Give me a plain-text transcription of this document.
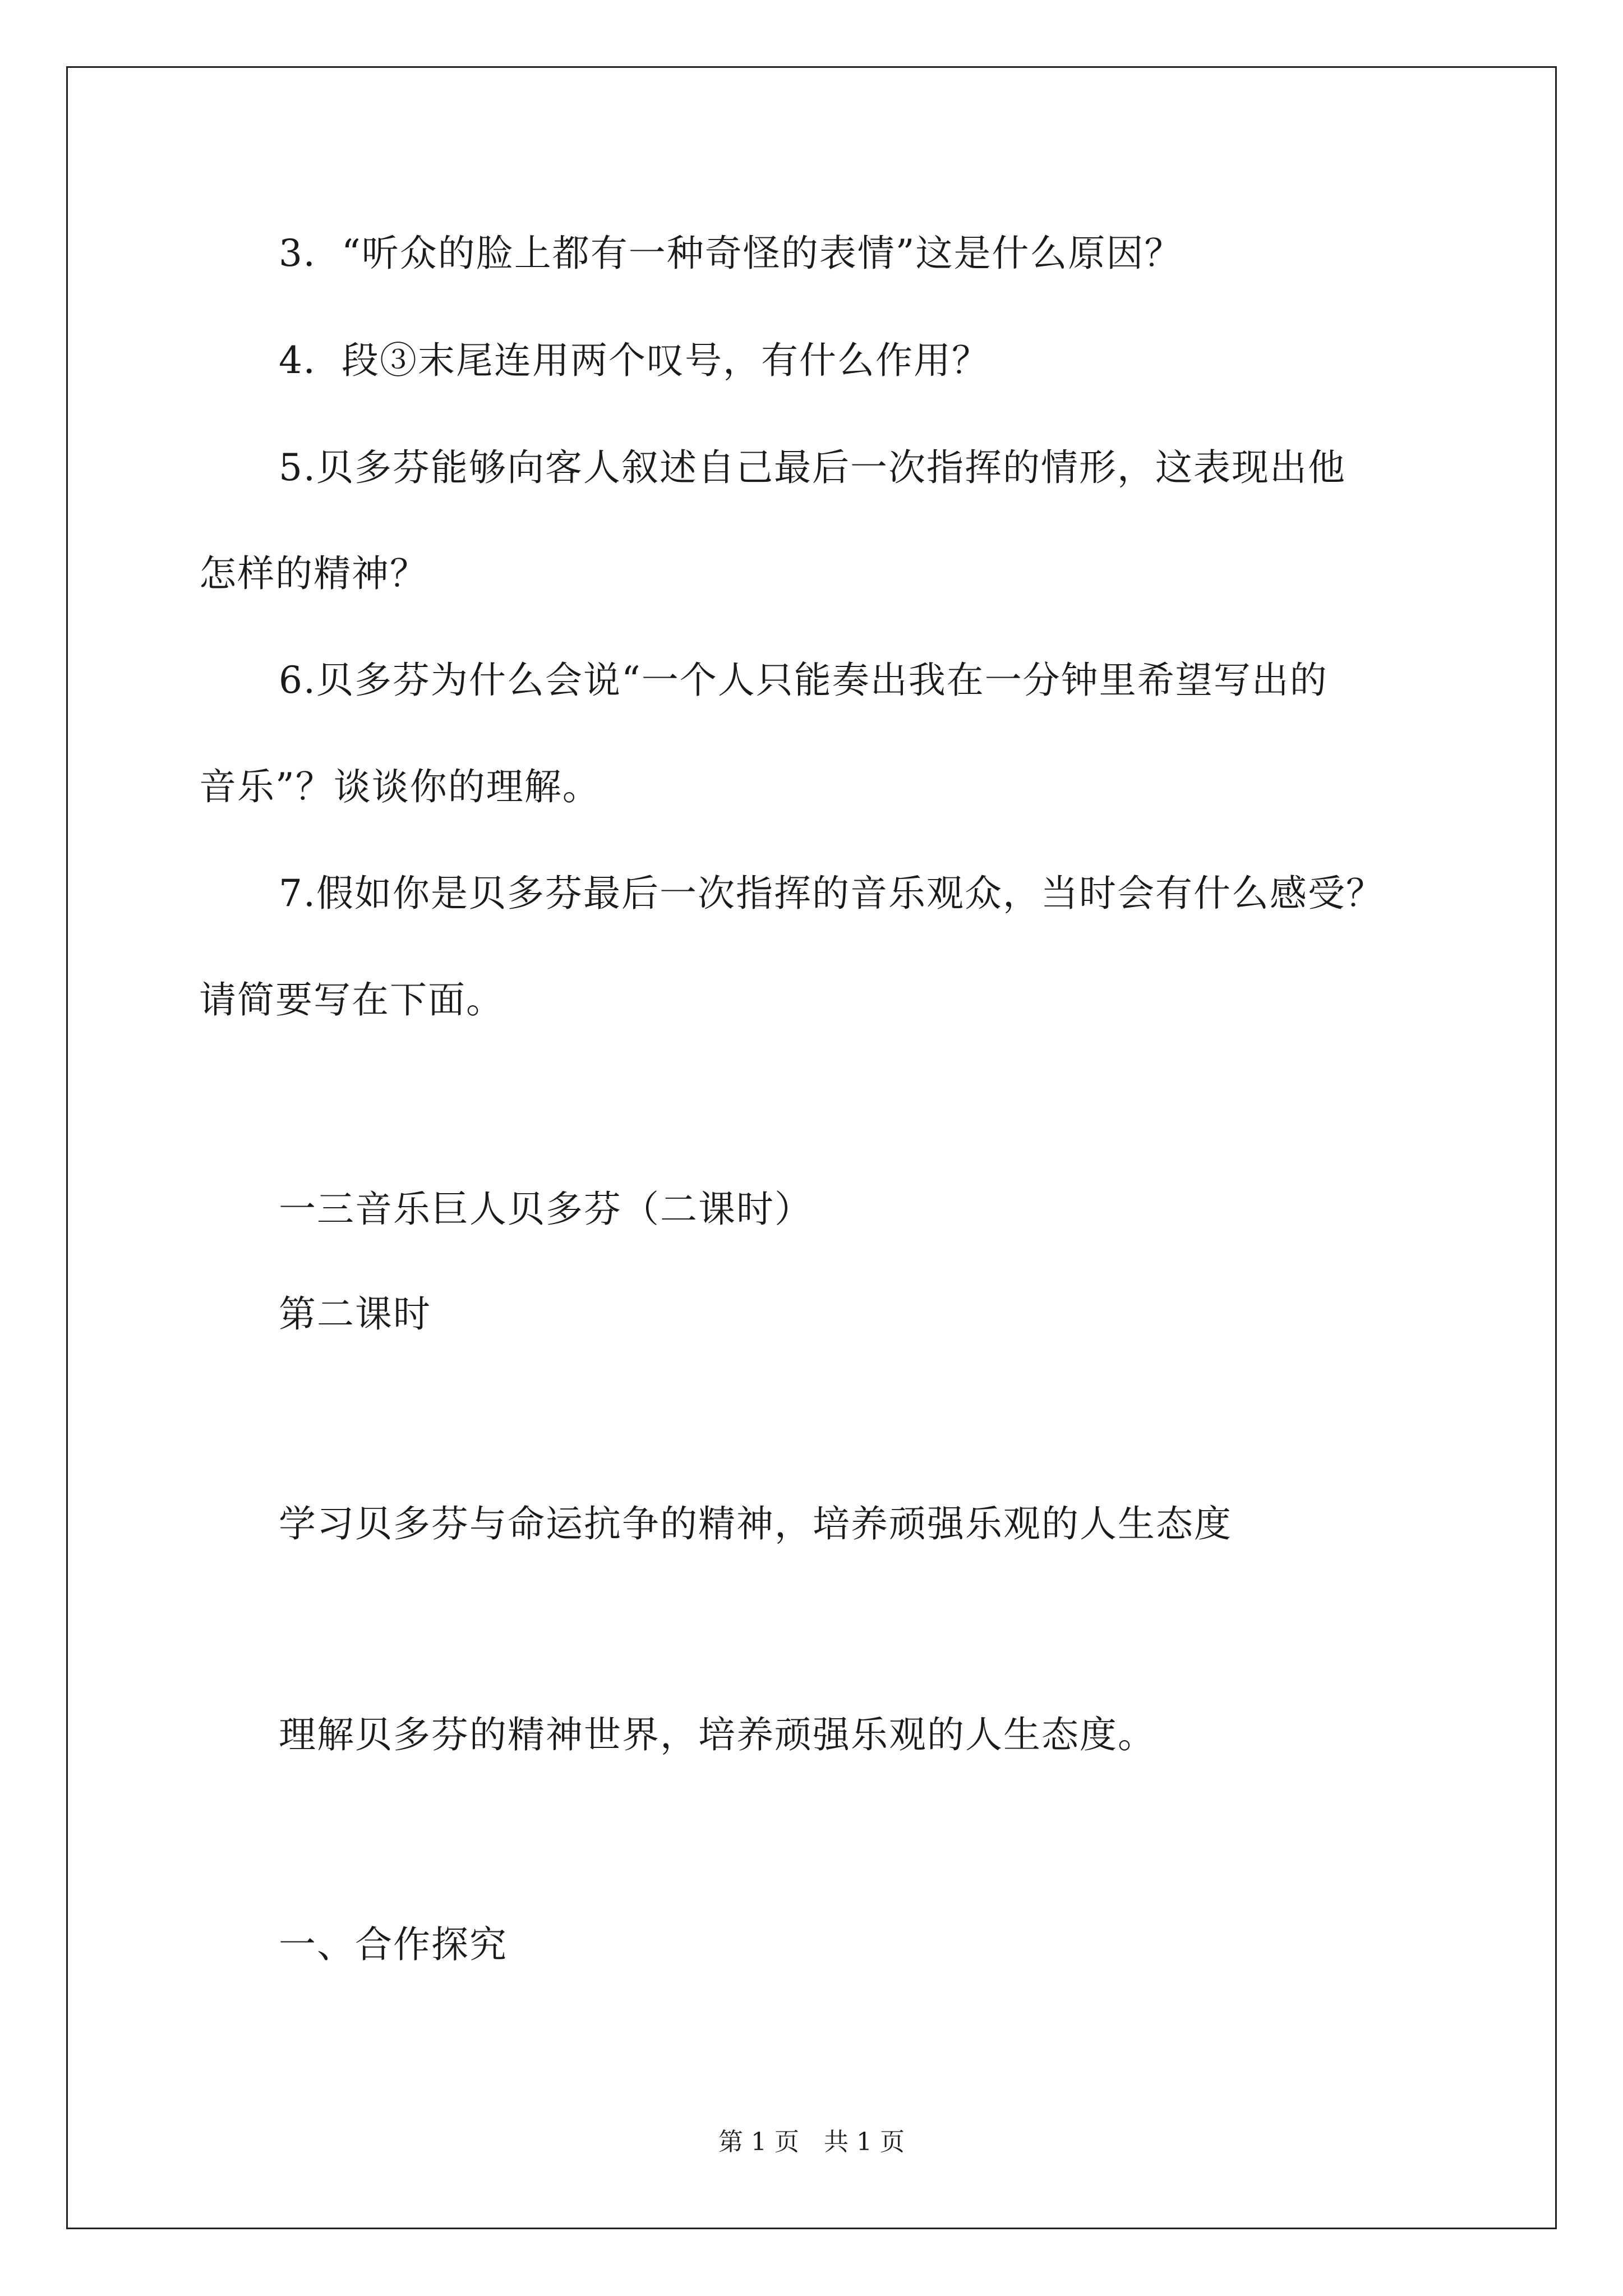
3．“听众的脸上都有一种奇怪的表情”这是什么原因？
4．段③末尾连用两个叹号，有什么作用？
5.贝多芬能够向客人叙述自己最后一次指挥的情形，这表现出他
怎样的精神？
6.贝多芬为什么会说“一个人只能奏出我在一分钟里希望写出的
音乐”？谈谈你的理解。
7.假如你是贝多芬最后一次指挥的音乐观众，当时会有什么感受？
请简要写在下面。
一三音乐巨人贝多芬（二课时）
第二课时
学习贝多芬与命运抗争的精神，培养顽强乐观的人生态度
理解贝多芬的精神世界，培养顽强乐观的人生态度。
一、合作探究
第 1 页　共 1 页
